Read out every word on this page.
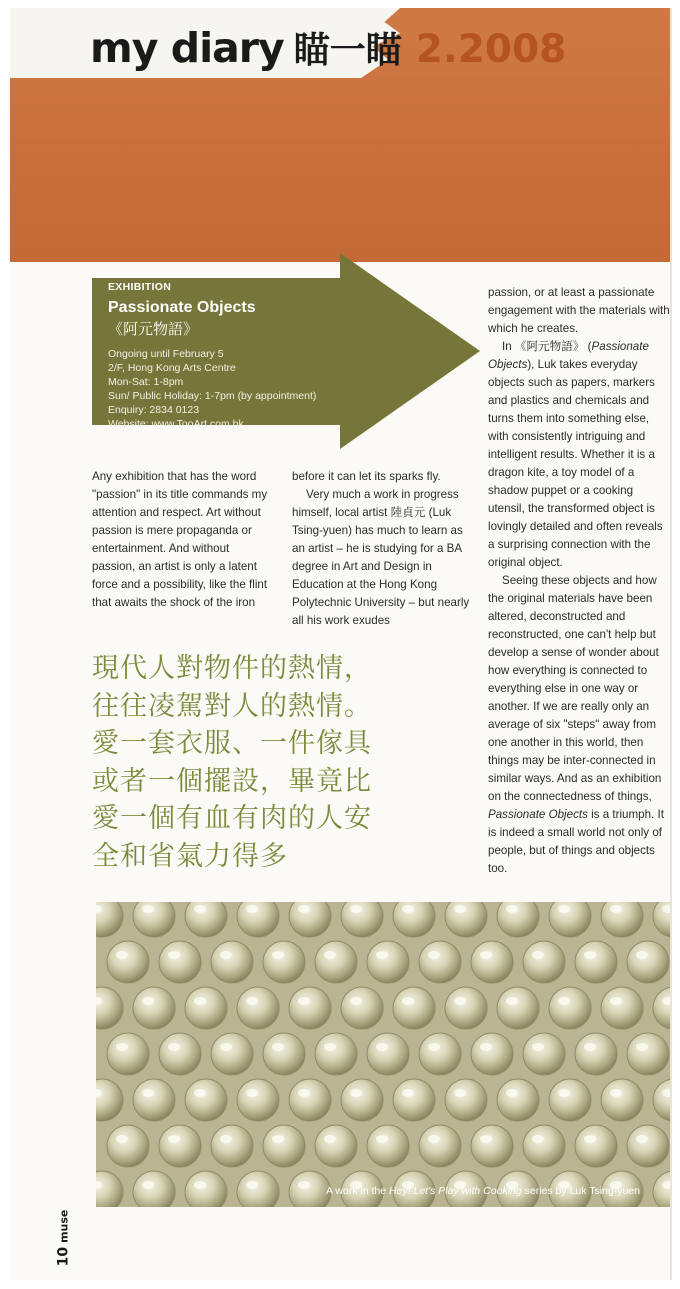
my diary 瞄一瞄 2.2008
EXHIBITION
Passionate Objects
《阿元物語》
Ongoing until February 5
2/F, Hong Kong Arts Centre
Mon-Sat: 1-8pm
Sun/ Public Holiday: 1-7pm (by appointment)
Enquiry: 2834 0123
Website: www.TooArt.com.hk

Any exhibition that has the word "passion" in its title commands my attention and respect. Art without passion is mere propaganda or entertainment. And without passion, an artist is only a latent force and a possibility, like the flint that awaits the shock of the iron

before it can let its sparks fly.

Very much a work in progress himself, local artist 陸貞元 (Luk Tsing-yuen) has much to learn as an artist – he is studying for a BA degree in Art and Design in Education at the Hong Kong Polytechnic University – but nearly all his work exudes

passion, or at least a passionate engagement with the materials with which he creates.

In 《阿元物語》 (Passionate Objects), Luk takes everyday objects such as papers, markers and plastics and chemicals and turns them into something else, with consistently intriguing and intelligent results. Whether it is a dragon kite, a toy model of a shadow puppet or a cooking utensil, the transformed object is lovingly detailed and often reveals a surprising connection with the original object.

Seeing these objects and how the original materials have been altered, deconstructed and reconstructed, one can't help but develop a sense of wonder about how everything is connected to everything else in one way or another. If we are really only an average of six "steps" away from one another in this world, then things may be inter-connected in similar ways. And as an exhibition on the connectedness of things, Passionate Objects is a triumph. It is indeed a small world not only of people, but of things and objects too.

現代人對物件的熱情，
往往凌駕對人的熱情。
愛一套衣服、一件傢具
或者一個擺設，畢竟比
愛一個有血有肉的人安
全和省氣力得多
A work in the Hey! Let's Play with Cooking series by Luk Tsing-yuen
10muse
